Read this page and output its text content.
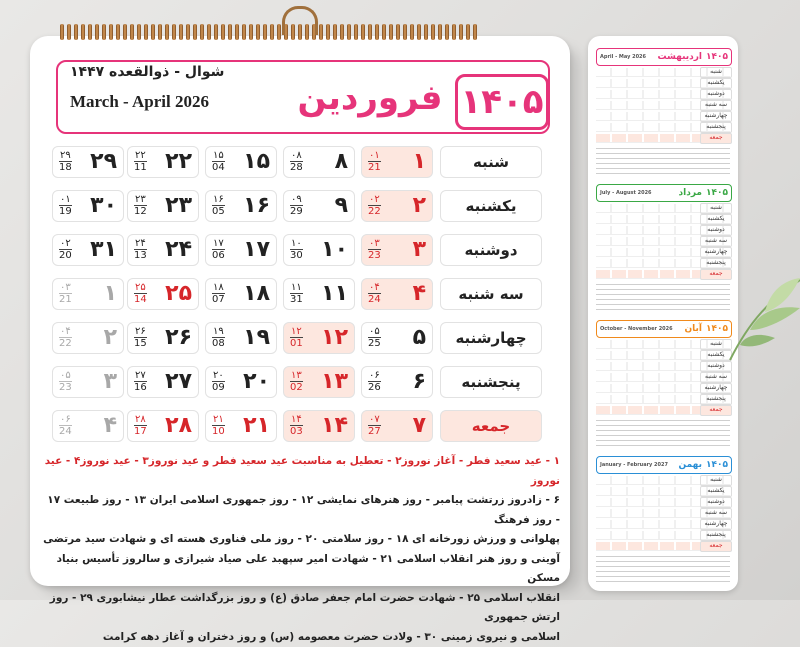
۱۴۰۵
فروردین
شوال - ذوالقعده ۱۴۴۷
March - April 2026
شنبه
۱
۰۱
21
۸
۰۸
28
۱۵
۱۵
04
۲۲
۲۲
11
۲۹
۲۹
18
یکشنبه
۲
۰۲
22
۹
۰۹
29
۱۶
۱۶
05
۲۳
۲۳
12
۳۰
۰۱
19
دوشنبه
۳
۰۳
23
۱۰
۱۰
30
۱۷
۱۷
06
۲۴
۲۴
13
۳۱
۰۲
20
سه شنبه
۴
۰۴
24
۱۱
۱۱
31
۱۸
۱۸
07
۲۵
۲۵
14
۱
۰۳
21
چهارشنبه
۵
۰۵
25
۱۲
۱۲
01
۱۹
۱۹
08
۲۶
۲۶
15
۲
۰۴
22
پنجشنبه
۶
۰۶
26
۱۳
۱۳
02
۲۰
۲۰
09
۲۷
۲۷
16
۳
۰۵
23
جمعه
۷
۰۷
27
۱۴
۱۴
03
۲۱
۲۱
10
۲۸
۲۸
17
۴
۰۶
24
۱ - عید سعید فطر - آغاز نوروز۲ - تعطیل به مناسبت عید سعید فطر و عید نوروز۳ - عید نوروز۴ - عید نوروز
۶ - زادروز زرتشت پیامبر - روز هنرهای نمایشی ۱۲ - روز جمهوری اسلامی ایران ۱۳ - روز طبیعت ۱۷ - روز فرهنگ
پهلوانی و ورزش زورخانه ای ۱۸ - روز سلامتی ۲۰ - روز ملی فناوری هسته ای و شهادت سید مرتضی
آوینی و روز هنر انقلاب اسلامی ۲۱ - شهادت امیر سپهبد علی صیاد شیرازی و سالروز تأسیس بنیاد مسکن
انقلاب اسلامی ۲۵ - شهادت حضرت امام جعفر صادق (ع) و روز بزرگداشت عطار نیشابوری ۲۹ - روز ارتش جمهوری
اسلامی و نیروی زمینی ۳۰ - ولادت حضرت معصومه (س) و روز دختران و آغاز دهه کرامت
April - May 2026 اردیبهشت ۱۴۰۵
شنبه
یکشنبه
دوشنبه
سه شنبه
چهارشنبه
پنجشنبه
جمعه
July - August 2026	مرداد ۱۴۰۵
شنبه
یکشنبه
دوشنبه
سه شنبه
چهارشنبه
پنجشنبه
جمعه
October - November 2026 آبان ۱۴۰۵
شنبه
یکشنبه
دوشنبه
سه شنبه
چهارشنبه
پنجشنبه
جمعه
January - February 2027 بهمن ۱۴۰۵
شنبه
یکشنبه
دوشنبه
سه شنبه
چهارشنبه
پنجشنبه
جمعه
